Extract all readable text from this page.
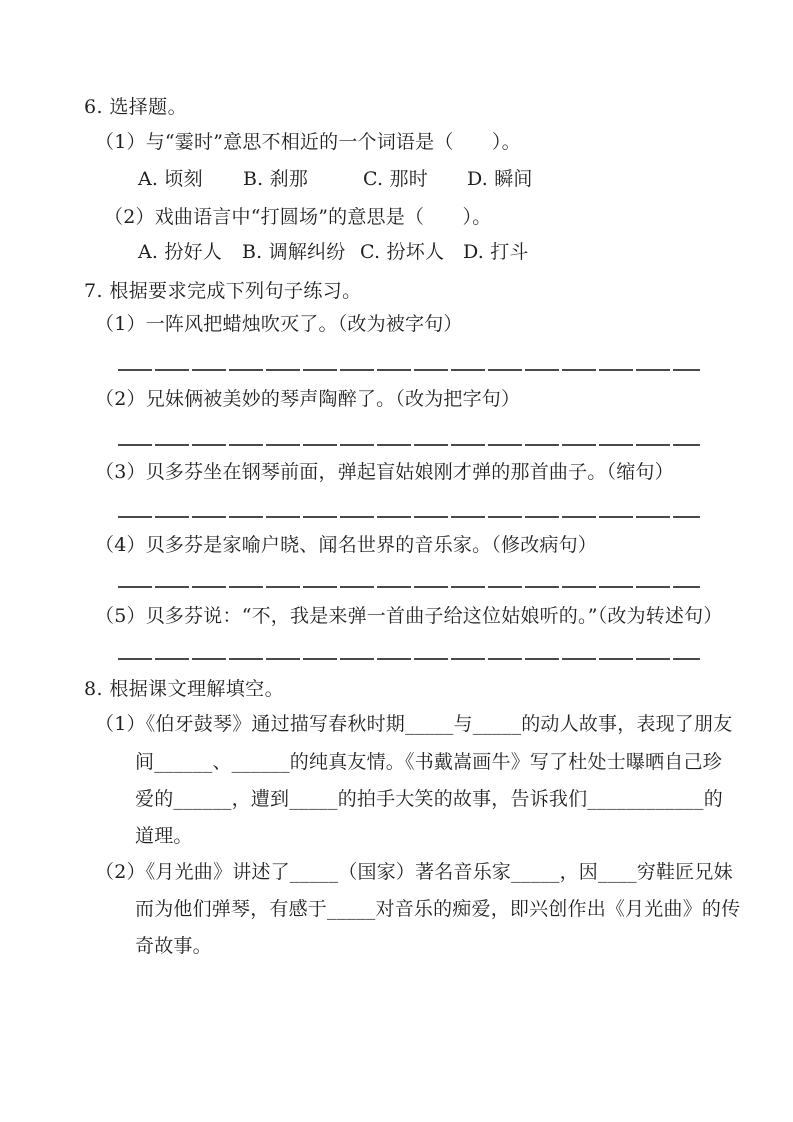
6. 选择题。
（1）与“霎时”意思不相近的一个词语是（　　）。
A. 顷刻	B. 刹那	C. 那时	D. 瞬间
（2）戏曲语言中“打圆场”的意思是（　　）。
A. 扮好人	B. 调解纠纷 C. 扮坏人 D. 打斗
7. 根据要求完成下列句子练习。
（1）一阵风把蜡烛吹灭了。（改为被字句）
（2）兄妹俩被美妙的琴声陶醉了。（改为把字句）
（3）贝多芬坐在钢琴前面，弹起盲姑娘刚才弹的那首曲子。（缩句）
（4）贝多芬是家喻户晓、闻名世界的音乐家。（修改病句）
（5）贝多芬说：“不，我是来弹一首曲子给这位姑娘听的。”（改为转述句）
8. 根据课文理解填空。
（1）《伯牙鼓琴》通过描写春秋时期_____与_____的动人故事，表现了朋友
间______、______的纯真友情。《书戴嵩画牛》写了杜处士曝晒自己珍
爱的______，遭到_____的拍手大笑的故事，告诉我们____________的
道理。
（2）《月光曲》讲述了_____（国家）著名音乐家_____，因____穷鞋匠兄妹
而为他们弹琴，有感于_____对音乐的痴爱，即兴创作出《月光曲》的传
奇故事。
